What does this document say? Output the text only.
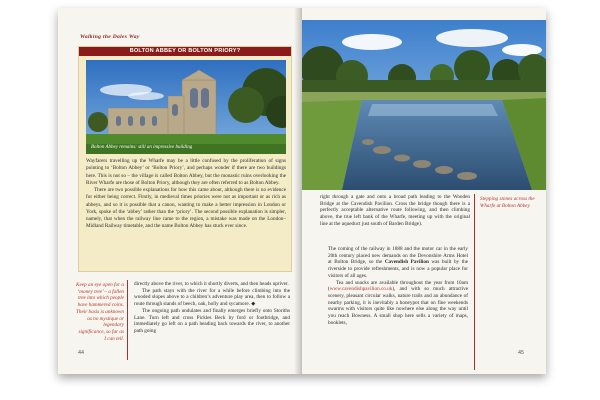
Walking the Dales Way
BOLTON ABBEY OR BOLTON PRIORY?
Bolton Abbey remains: still an impressive building

Wayfarers travelling up the Wharfe may be a little confused by the proliferation of signs pointing to ‘Bolton Abbey’ or ‘Bolton Priory’, and perhaps wonder if there are two buildings here. This is not so – the village is called Bolton Abbey, but the monastic ruins overlooking the River Wharfe are those of Bolton Priory, although they are often referred to as Bolton Abbey.

There are two possible explanations for how this came about, although there is no evidence for either being correct. Firstly, in medieval times priories were not as important or as rich as abbeys, and so it is possible that a canon, wanting to make a better impression in London or York, spoke of the ‘abbey’ rather than the ‘priory’. The second possible explanation is simpler, namely, that when the railway line came to the region, a mistake was made on the London–Midland Railway timetable, and the name Bolton Abbey has stuck ever since.

Keep an eye open for a ‘money tree’ – a fallen tree into which people have hammered coins. Their basis is unknown as no mystique or legendary significance, so far as I can tell.

directly above the river, to which it shortly diverts, and then heads upriver.

The path stays with the river for a while before climbing into the wooded slopes above to a children’s adventure play area, then to follow a route through stands of beech, oak, holly and sycamore. ◆

The ongoing path undulates and finally emerges briefly onto Storiths Lane. Turn left and cross Pickles Beck by ford or footbridge, and immediately go left on a path heading back towards the river, to another path going

44
right through a gate and onto a broad path leading to the Wooden Bridge at the Cavendish Pavilion. Cross the bridge though there is a perfectly acceptable alternative route following, and then climbing above, the true left bank of the Wharfe, meeting up with the original line at the aqueduct just south of Barden Bridge).
Stepping stones across the Wharfe at Bolton Abbey

The coming of the railway in 1888 and the motor car in the early 20th century placed new demands on the Devonshire Arms Hotel at Bolton Bridge, so the Cavendish Pavilion was built by the riverside to provide refreshments, and is now a popular place for visitors of all ages.

Tea and snacks are available throughout the year from 10am (www.cavendishpavilion.co.uk), and with so much attractive scenery, pleasant circular walks, nature trails and an abundance of nearby parking, it is inevitably a honeypot that on fine weekends swarms with visitors quite like nowhere else along the way until you reach Bowness. A small shop here sells a variety of maps, booklets,

45
